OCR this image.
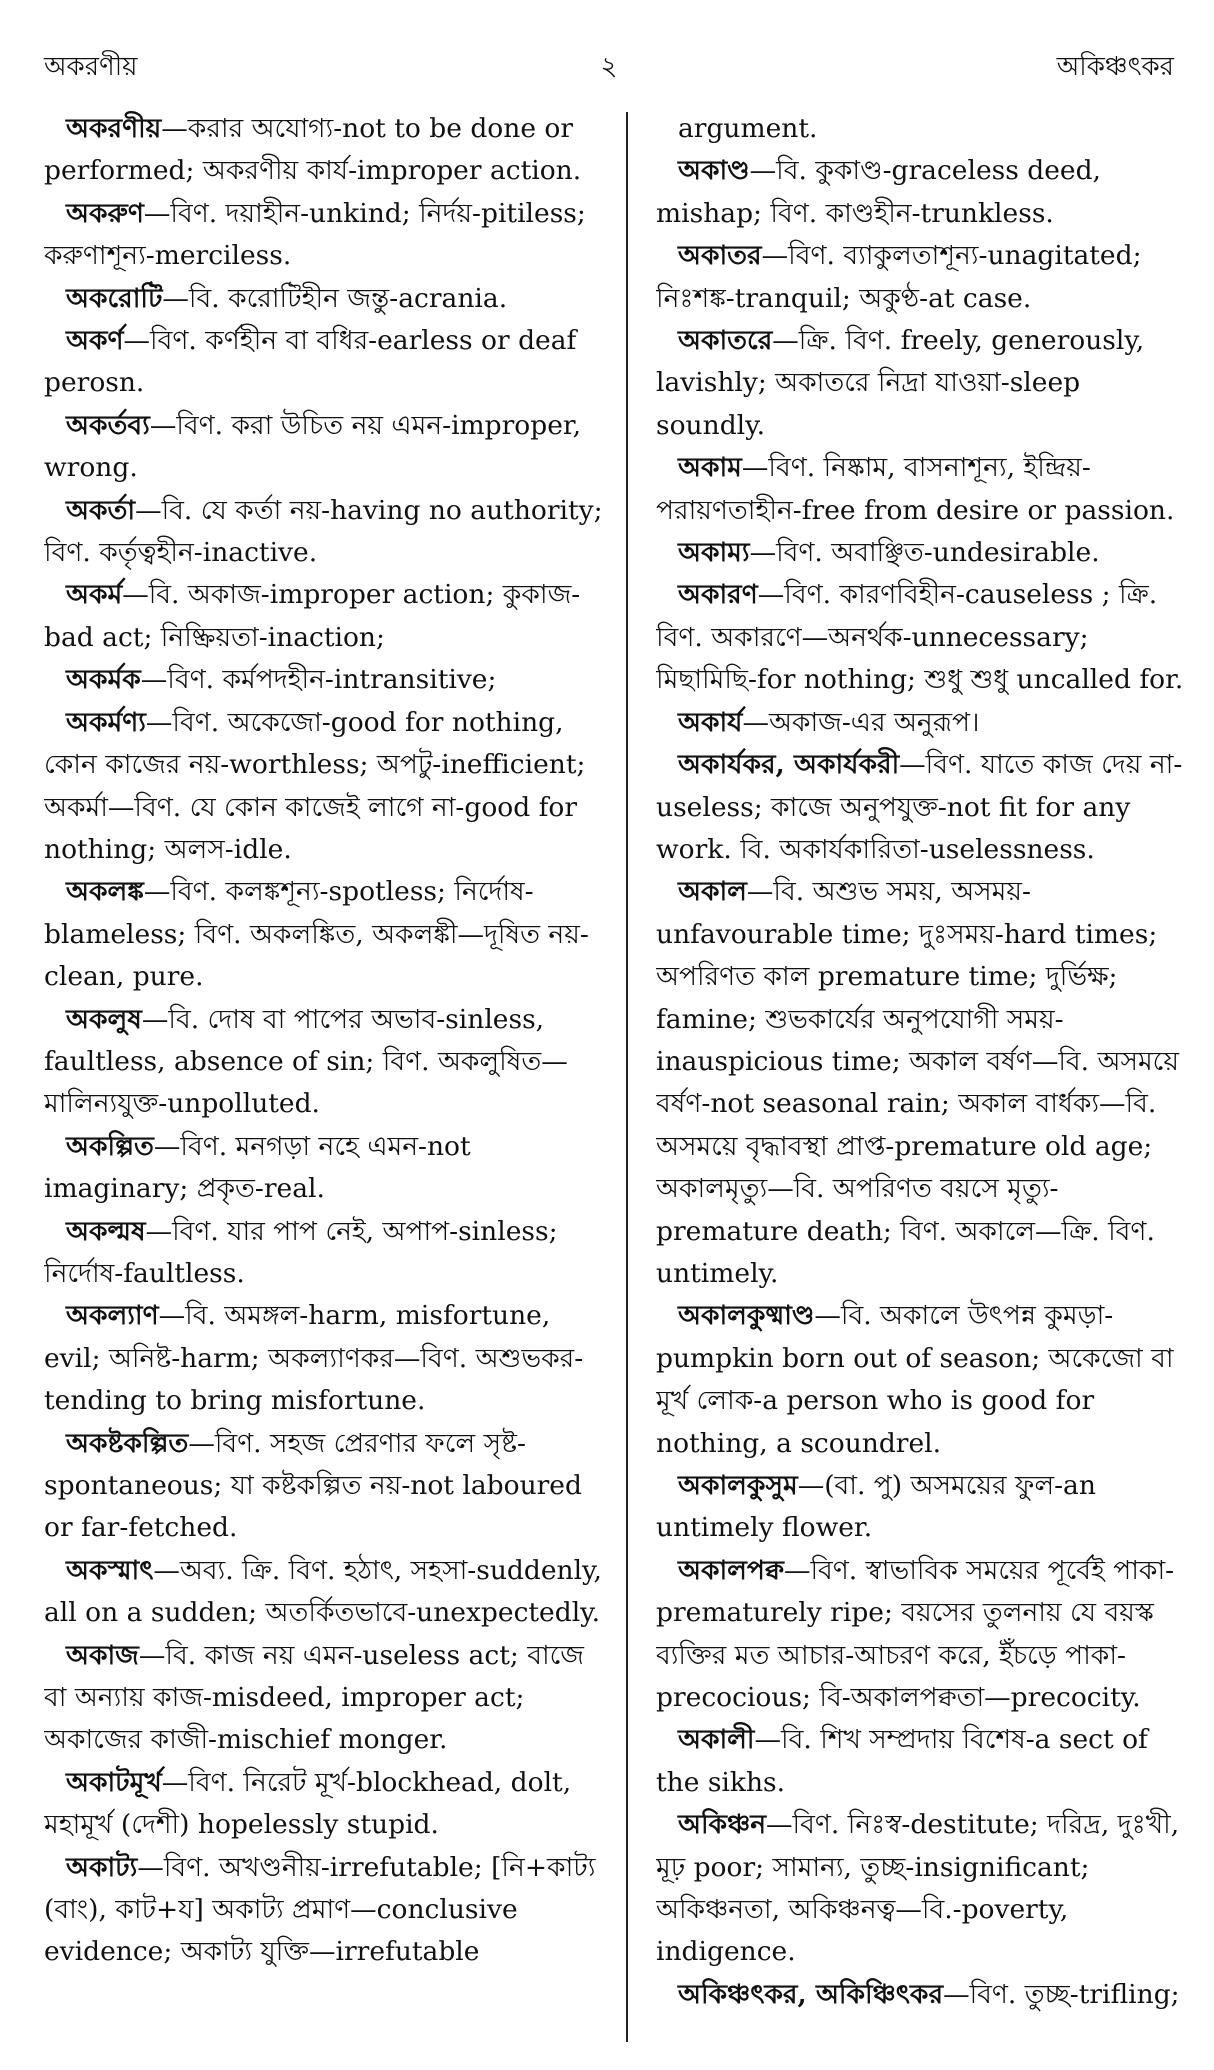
অকরণীয়	২	অকিঞ্চৎকর
অকরণীয়—করার অযোগ্য-not to be done or performed; অকরণীয় কার্য-improper action.
অকরুণ—বিণ. দয়াহীন-unkind; নির্দয়-pitiless; করুণাশূন্য-merciless.
অকরোটি—বি. করোটিহীন জন্তু-acrania.
অকর্ণ—বিণ. কর্ণহীন বা বধির-earless or deaf perosn.
অকর্তব্য—বিণ. করা উচিত নয় এমন-improper, wrong.
অকর্তা—বি. যে কর্তা নয়-having no authority; বিণ. কর্তৃত্বহীন-inactive.
অকর্ম—বি. অকাজ-improper action; কুকাজ-bad act; নিষ্ক্রিয়তা-inaction;
অকর্মক—বিণ. কর্মপদহীন-intransitive;
অকর্মণ্য—বিণ. অকেজো-good for nothing, কোন কাজের নয়-worthless; অপটু-inefficient; অকর্মা—বিণ. যে কোন কাজেই লাগে না-good for nothing; অলস-idle.
অকলঙ্ক—বিণ. কলঙ্কশূন্য-spotless; নির্দোষ-blameless; বিণ. অকলঙ্কিত, অকলঙ্কী—দূষিত নয়-clean, pure.
অকলুষ—বি. দোষ বা পাপের অভাব-sinless, faultless, absence of sin; বিণ. অকলুষিত—মালিন্যযুক্ত-unpolluted.
অকল্পিত—বিণ. মনগড়া নহে এমন-not imaginary; প্রকৃত-real.
অকল্মষ—বিণ. যার পাপ নেই, অপাপ-sinless; নির্দোষ-faultless.
অকল্যাণ—বি. অমঙ্গল-harm, misfortune, evil; অনিষ্ট-harm; অকল্যাণকর—বিণ. অশুভকর-tending to bring misfortune.
অকষ্টকল্পিত—বিণ. সহজ প্রেরণার ফলে সৃষ্ট-spontaneous; যা কষ্টকল্পিত নয়-not laboured or far-fetched.
অকস্মাৎ—অব্য. ক্রি. বিণ. হঠাৎ, সহসা-suddenly, all on a sudden; অতর্কিতভাবে-unexpectedly.
অকাজ—বি. কাজ নয় এমন-useless act; বাজে বা অন্যায় কাজ-misdeed, improper act; অকাজের কাজী-mischief monger.
অকাটমূর্খ—বিণ. নিরেট মূর্খ-blockhead, dolt, মহামূর্খ (দেশী) hopelessly stupid.
অকাট্য—বিণ. অখণ্ডনীয়-irrefutable; [নি+কাট্য (বাং), কাট+য] অকাট্য প্রমাণ—conclusive evidence; অকাট্য যুক্তি—irrefutable
argument.
অকাণ্ড—বি. কুকাণ্ড-graceless deed, mishap; বিণ. কাণ্ডহীন-trunkless.
অকাতর—বিণ. ব্যাকুলতাশূন্য-unagitated; নিঃশঙ্ক-tranquil; অকুণ্ঠ-at case.
অকাতরে—ক্রি. বিণ. freely, generously, lavishly; অকাতরে নিদ্রা যাওয়া-sleep soundly.
অকাম—বিণ. নিষ্কাম, বাসনাশূন্য, ইন্দ্রিয়-পরায়ণতাহীন-free from desire or passion.
অকাম্য—বিণ. অবাঞ্ছিত-undesirable.
অকারণ—বিণ. কারণবিহীন-causeless ; ক্রি. বিণ. অকারণে—অনর্থক-unnecessary; মিছামিছি-for nothing; শুধু শুধু uncalled for.
অকার্য—অকাজ-এর অনুরূপ।
অকার্যকর, অকার্যকরী—বিণ. যাতে কাজ দেয় না-useless; কাজে অনুপযুক্ত-not fit for any work. বি. অকার্যকারিতা-uselessness.
অকাল—বি. অশুভ সময়, অসময়-unfavourable time; দুঃসময়-hard times; অপরিণত কাল premature time; দুর্ভিক্ষ; famine; শুভকার্যের অনুপযোগী সময়-inauspicious time; অকাল বর্ষণ—বি. অসময়ে বর্ষণ-not seasonal rain; অকাল বার্ধক্য—বি. অসময়ে বৃদ্ধাবস্থা প্রাপ্ত-premature old age; অকালমৃত্যু—বি. অপরিণত বয়সে মৃত্যু-premature death; বিণ. অকালে—ক্রি. বিণ. untimely.
অকালকুষ্মাণ্ড—বি. অকালে উৎপন্ন কুমড়া-pumpkin born out of season; অকেজো বা মূর্খ লোক-a person who is good for nothing, a scoundrel.
অকালকুসুম—(বা. পু) অসময়ের ফুল-an untimely flower.
অকালপক্ব—বিণ. স্বাভাবিক সময়ের পূর্বেই পাকা-prematurely ripe; বয়সের তুলনায় যে বয়স্ক ব্যক্তির মত আচার-আচরণ করে, ইঁচড়ে পাকা-precocious; বি-অকালপক্বতা—precocity.
অকালী—বি. শিখ সম্প্রদায় বিশেষ-a sect of the sikhs.
অকিঞ্চন—বিণ. নিঃস্ব-destitute; দরিদ্র, দুঃখী, মূঢ় poor; সামান্য, তুচ্ছ-insignificant; অকিঞ্চনতা, অকিঞ্চনত্ব—বি.-poverty, indigence.
অকিঞ্চৎকর, অকিঞ্চিৎকর—বিণ. তুচ্ছ-trifling;
